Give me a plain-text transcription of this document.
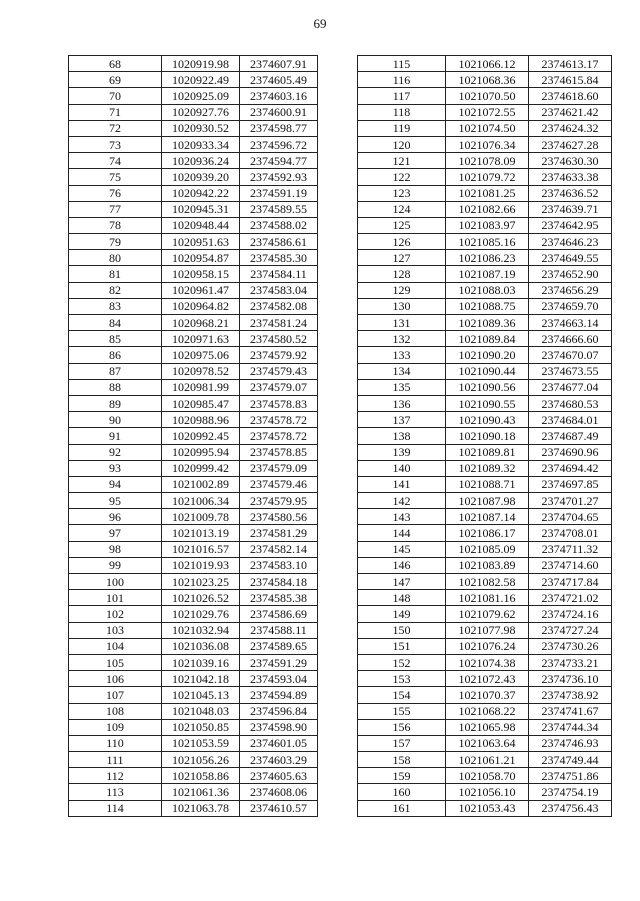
69
68	1020919.98	2374607.91
69	1020922.49	2374605.49
70	1020925.09	2374603.16
71	1020927.76	2374600.91
72	1020930.52	2374598.77
73	1020933.34	2374596.72
74	1020936.24	2374594.77
75	1020939.20	2374592.93
76	1020942.22	2374591.19
77	1020945.31	2374589.55
78	1020948.44	2374588.02
79	1020951.63	2374586.61
80	1020954.87	2374585.30
81	1020958.15	2374584.11
82	1020961.47	2374583.04
83	1020964.82	2374582.08
84	1020968.21	2374581.24
85	1020971.63	2374580.52
86	1020975.06	2374579.92
87	1020978.52	2374579.43
88	1020981.99	2374579.07
89	1020985.47	2374578.83
90	1020988.96	2374578.72
91	1020992.45	2374578.72
92	1020995.94	2374578.85
93	1020999.42	2374579.09
94	1021002.89	2374579.46
95	1021006.34	2374579.95
96	1021009.78	2374580.56
97	1021013.19	2374581.29
98	1021016.57	2374582.14
99	1021019.93	2374583.10
100	1021023.25	2374584.18
101	1021026.52	2374585.38
102	1021029.76	2374586.69
103	1021032.94	2374588.11
104	1021036.08	2374589.65
105	1021039.16	2374591.29
106	1021042.18	2374593.04
107	1021045.13	2374594.89
108	1021048.03	2374596.84
109	1021050.85	2374598.90
110	1021053.59	2374601.05
111	1021056.26	2374603.29
112	1021058.86	2374605.63
113	1021061.36	2374608.06
114	1021063.78	2374610.57
115	1021066.12	2374613.17
116	1021068.36	2374615.84
117	1021070.50	2374618.60
118	1021072.55	2374621.42
119	1021074.50	2374624.32
120	1021076.34	2374627.28
121	1021078.09	2374630.30
122	1021079.72	2374633.38
123	1021081.25	2374636.52
124	1021082.66	2374639.71
125	1021083.97	2374642.95
126	1021085.16	2374646.23
127	1021086.23	2374649.55
128	1021087.19	2374652.90
129	1021088.03	2374656.29
130	1021088.75	2374659.70
131	1021089.36	2374663.14
132	1021089.84	2374666.60
133	1021090.20	2374670.07
134	1021090.44	2374673.55
135	1021090.56	2374677.04
136	1021090.55	2374680.53
137	1021090.43	2374684.01
138	1021090.18	2374687.49
139	1021089.81	2374690.96
140	1021089.32	2374694.42
141	1021088.71	2374697.85
142	1021087.98	2374701.27
143	1021087.14	2374704.65
144	1021086.17	2374708.01
145	1021085.09	2374711.32
146	1021083.89	2374714.60
147	1021082.58	2374717.84
148	1021081.16	2374721.02
149	1021079.62	2374724.16
150	1021077.98	2374727.24
151	1021076.24	2374730.26
152	1021074.38	2374733.21
153	1021072.43	2374736.10
154	1021070.37	2374738.92
155	1021068.22	2374741.67
156	1021065.98	2374744.34
157	1021063.64	2374746.93
158	1021061.21	2374749.44
159	1021058.70	2374751.86
160	1021056.10	2374754.19
161	1021053.43	2374756.43
